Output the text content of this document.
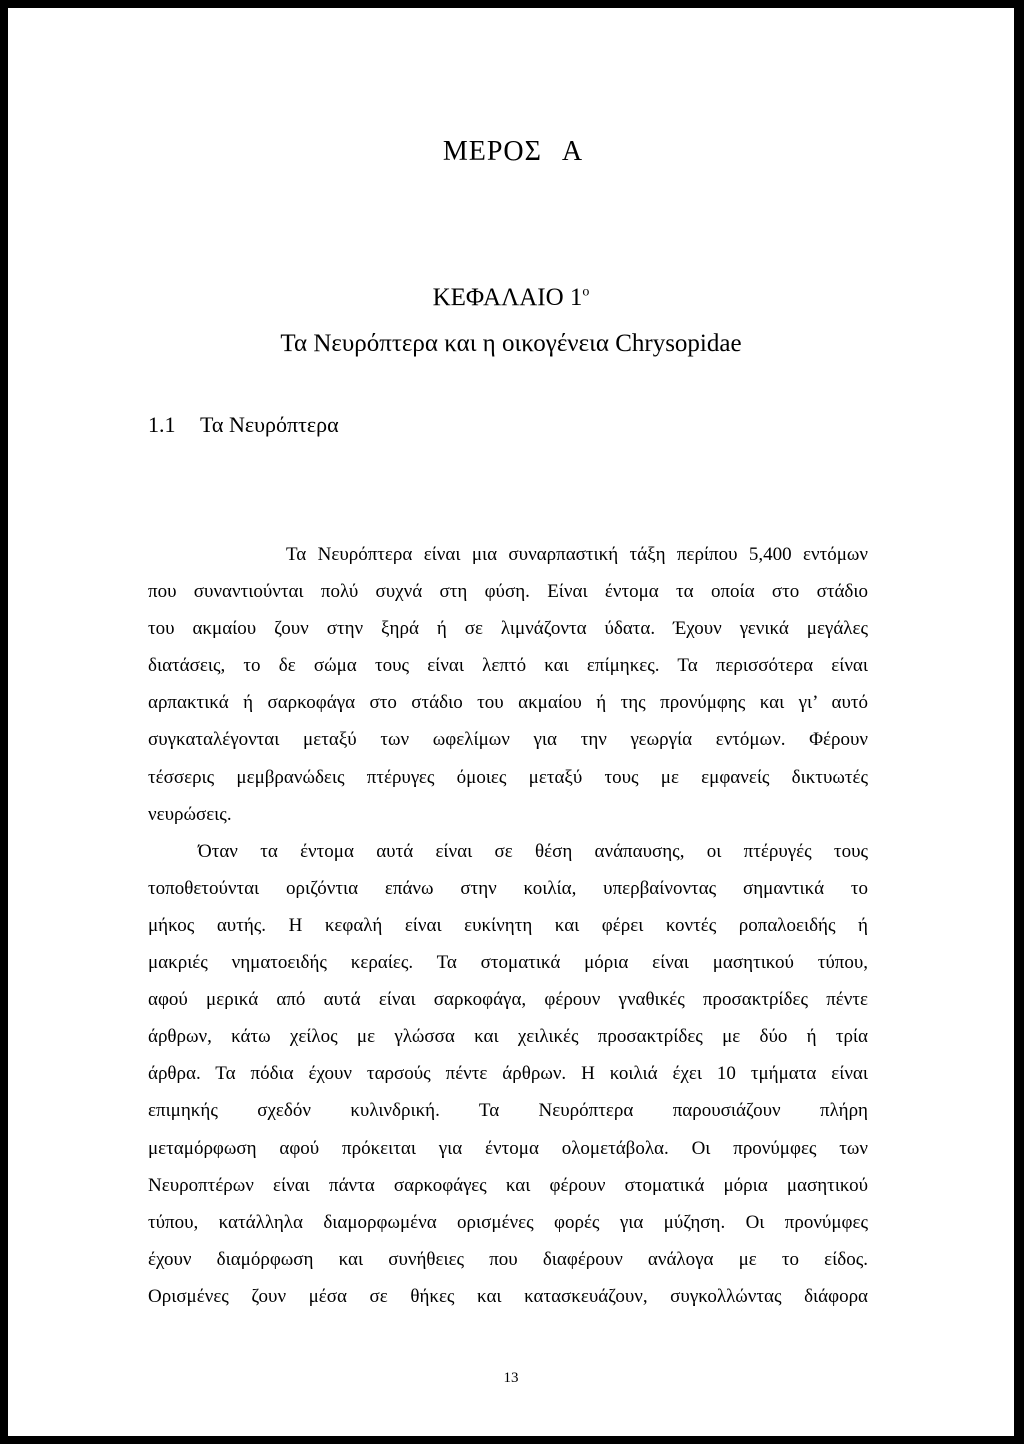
ΜΕΡΟΣ Α
ΚΕΦΑΛΑΙΟ $1^o$
Τα Νευρόπτερα και η οικογένεια Chrysopidae
1.1 Τα Νευρόπτερα
Τα Νευρόπτερα είναι μια συναρπαστική τάξη περίπου 5,400 εντόμων
που συναντιούνται πολύ συχνά στη φύση. Είναι έντομα τα οποία στο στάδιο
του ακμαίου ζουν στην ξηρά ή σε λιμνάζοντα ύδατα. Έχουν γενικά μεγάλες
διατάσεις, το δε σώμα τους είναι λεπτό και επίμηκες. Τα περισσότερα είναι
αρπακτικά ή σαρκοφάγα στο στάδιο του ακμαίου ή της προνύμφης και γι’ αυτό
συγκαταλέγονται μεταξύ των ωφελίμων για την γεωργία εντόμων. Φέρουν
τέσσερις μεμβρανώδεις πτέρυγες όμοιες μεταξύ τους με εμφανείς δικτυωτές
νευρώσεις.
Όταν τα έντομα αυτά είναι σε θέση ανάπαυσης, οι πτέρυγές τους
τοποθετούνται οριζόντια επάνω στην κοιλία, υπερβαίνοντας σημαντικά το
μήκος αυτής. Η κεφαλή είναι ευκίνητη και φέρει κοντές ροπαλοειδής ή
μακριές νηματοειδής κεραίες. Τα στοματικά μόρια είναι μασητικού τύπου,
αφού μερικά από αυτά είναι σαρκοφάγα, φέρουν γναθικές προσακτρίδες πέντε
άρθρων, κάτω χείλος με γλώσσα και χειλικές προσακτρίδες με δύο ή τρία
άρθρα. Τα πόδια έχουν ταρσούς πέντε άρθρων. Η κοιλιά έχει 10 τμήματα είναι
επιμηκής σχεδόν κυλινδρική. Τα Νευρόπτερα παρουσιάζουν πλήρη
μεταμόρφωση αφού πρόκειται για έντομα ολομετάβολα. Οι προνύμφες των
Νευροπτέρων είναι πάντα σαρκοφάγες και φέρουν στοματικά μόρια μασητικού
τύπου, κατάλληλα διαμορφωμένα ορισμένες φορές για μύζηση. Οι προνύμφες
έχουν διαμόρφωση και συνήθειες που διαφέρουν ανάλογα με το είδος.
Ορισμένες ζουν μέσα σε θήκες και κατασκευάζουν, συγκολλώντας διάφορα
13
